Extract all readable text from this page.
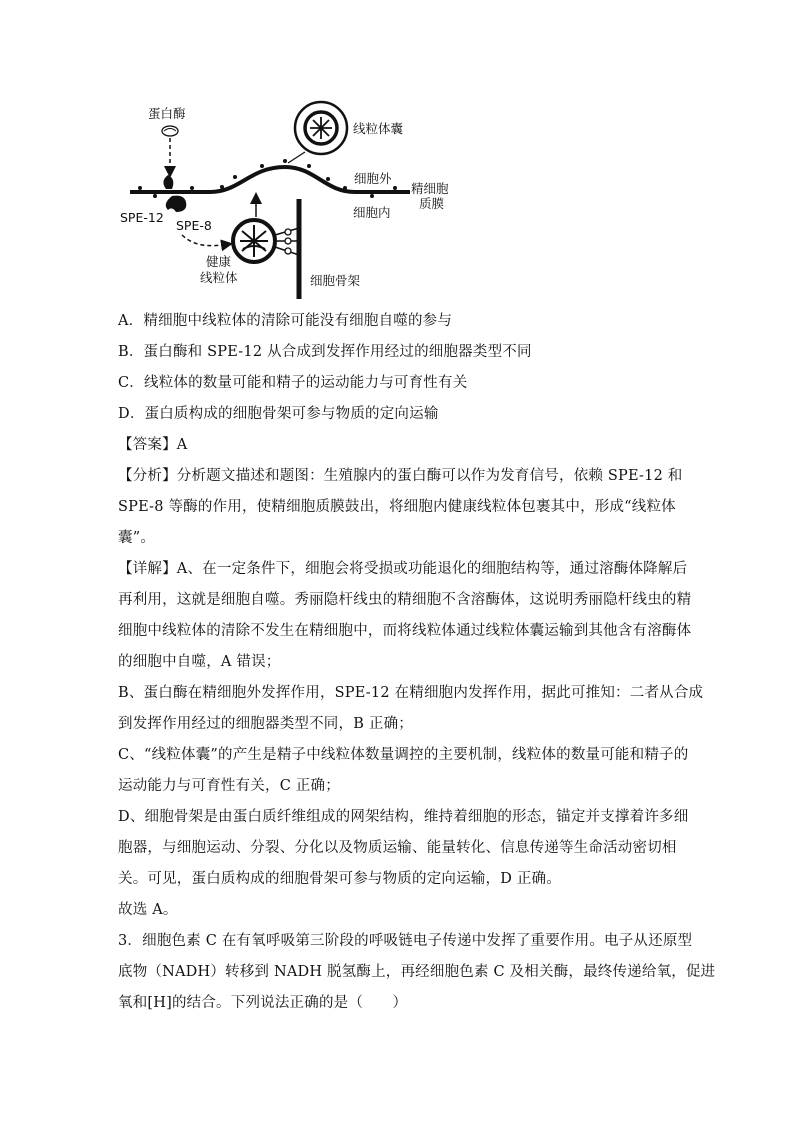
蛋白酶
SPE-12
SPE-8
健康
线粒体	细胞骨架
线粒体囊
细胞外
细胞内
精细胞
质膜
A．精细胞中线粒体的清除可能没有细胞自噬的参与
B．蛋白酶和 SPE-12 从合成到发挥作用经过的细胞器类型不同
C．线粒体的数量可能和精子的运动能力与可育性有关
D．蛋白质构成的细胞骨架可参与物质的定向运输
【答案】A
【分析】分析题文描述和题图：生殖腺内的蛋白酶可以作为发育信号，依赖 SPE-12 和
SPE-8 等酶的作用，使精细胞质膜鼓出，将细胞内健康线粒体包裹其中，形成“线粒体
囊”。
【详解】A、在一定条件下，细胞会将受损或功能退化的细胞结构等，通过溶酶体降解后
再利用，这就是细胞自噬。秀丽隐杆线虫的精细胞不含溶酶体，这说明秀丽隐杆线虫的精
细胞中线粒体的清除不发生在精细胞中，而将线粒体通过线粒体囊运输到其他含有溶酶体
的细胞中自噬，A 错误；
B、蛋白酶在精细胞外发挥作用，SPE-12 在精细胞内发挥作用，据此可推知：二者从合成
到发挥作用经过的细胞器类型不同，B 正确；
C、“线粒体囊”的产生是精子中线粒体数量调控的主要机制，线粒体的数量可能和精子的
运动能力与可育性有关，C 正确；
D、细胞骨架是由蛋白质纤维组成的网架结构，维持着细胞的形态，锚定并支撑着许多细
胞器，与细胞运动、分裂、分化以及物质运输、能量转化、信息传递等生命活动密切相
关。可见，蛋白质构成的细胞骨架可参与物质的定向运输，D 正确。
故选 A。
3．细胞色素 C 在有氧呼吸第三阶段的呼吸链电子传递中发挥了重要作用。电子从还原型
底物（NADH）转移到 NADH 脱氢酶上，再经细胞色素 C 及相关酶，最终传递给氧，促进
氧和[H]的结合。下列说法正确的是（　　）
